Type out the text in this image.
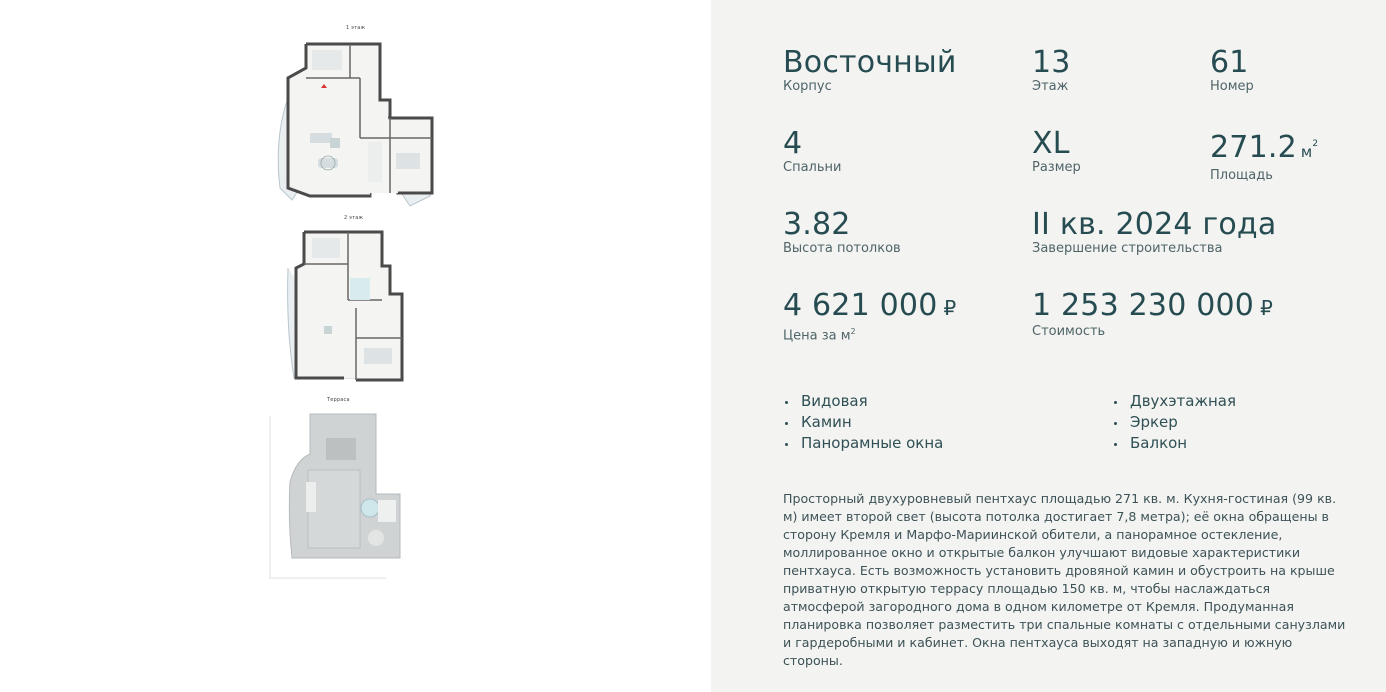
1 этаж
2 этаж
Терраса
Восточный
Корпус
13
Этаж
61
Номер
4
Спальни
XL
Размер
271.2 $м^2$
Площадь
3.82
Высота потолков
II кв. 2024 года
Завершение строительства
4 621 000 ₽
Цена за $м^2$
1 253 230 000 ₽
Стоимость
Видовая
Камин
Панорамные окна
Двухэтажная
Эркер
Балкон
Просторный двухуровневый пентхаус площадью 271 кв. м. Кухня-гостиная (99 кв. м) имеет второй свет (высота потолка достигает 7,8 метра); её окна обращены в сторону Кремля и Марфо-Мариинской обители, а панорамное остекление, моллированное окно и открытые балкон улучшают видовые характеристики пентхауса. Есть возможность установить дровяной камин и обустроить на крыше приватную открытую террасу площадью 150 кв. м, чтобы наслаждаться атмосферой загородного дома в одном километре от Кремля. Продуманная планировка позволяет разместить три спальные комнаты с отдельными санузлами и гардеробными и кабинет. Окна пентхауса выходят на западную и южную стороны.
